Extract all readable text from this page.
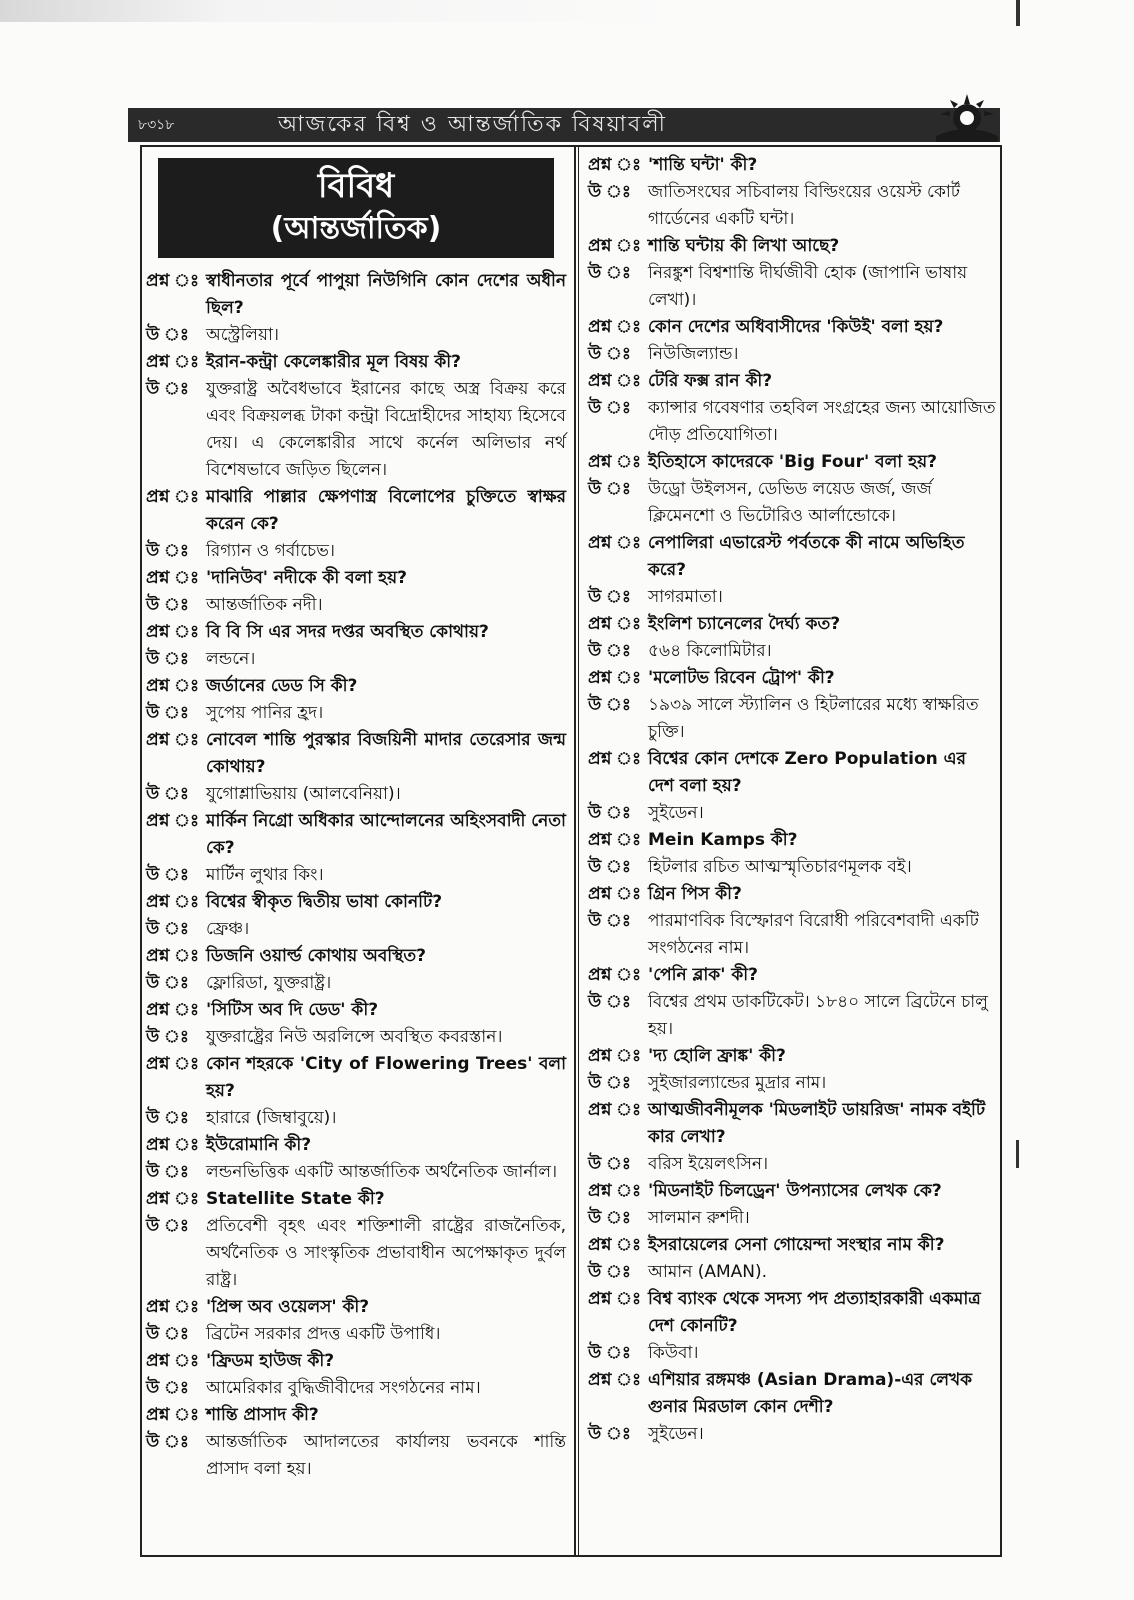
৮৩১৮	আজকের বিশ্ব ও আন্তর্জাতিক বিষয়াবলী
বিবিধ
(আন্তর্জাতিক)
প্রশ্ন ঃ স্বাধীনতার পূর্বে পাপুয়া নিউগিনি কোন দেশের অধীন ছিল?
উ ঃ	অস্ট্রেলিয়া।
প্রশ্ন ঃ ইরান-কন্ট্রা কেলেঙ্কারীর মূল বিষয় কী?
উ ঃ	যুক্তরাষ্ট্র অবৈধভাবে ইরানের কাছে অস্ত্র বিক্রয় করে এবং বিক্রয়লব্ধ টাকা কন্ট্রা বিদ্রোহীদের সাহায্য হিসেবে দেয়। এ কেলেঙ্কারীর সাথে কর্নেল অলিভার নর্থ বিশেষভাবে জড়িত ছিলেন।
প্রশ্ন ঃ মাঝারি পাল্লার ক্ষেপণাস্ত্র বিলোপের চুক্তিতে স্বাক্ষর করেন কে?
উ ঃ	রিগ্যান ও গর্বাচেভ।
প্রশ্ন ঃ 'দানিউব' নদীকে কী বলা হয়?
উ ঃ	আন্তর্জাতিক নদী।
প্রশ্ন ঃ বি বি সি এর সদর দপ্তর অবস্থিত কোথায়?
উ ঃ	লন্ডনে।
প্রশ্ন ঃ জর্ডানের ডেড সি কী?
উ ঃ	সুপেয় পানির হ্রদ।
প্রশ্ন ঃ নোবেল শান্তি পুরস্কার বিজয়িনী মাদার তেরেসার জন্ম কোথায়?
উ ঃ	যুগোশ্লাভিয়ায় (আলবেনিয়া)।
প্রশ্ন ঃ মার্কিন নিগ্রো অধিকার আন্দোলনের অহিংসবাদী নেতা কে?
উ ঃ	মার্টিন লুথার কিং।
প্রশ্ন ঃ বিশ্বের স্বীকৃত দ্বিতীয় ভাষা কোনটি?
উ ঃ	ফ্রেঞ্চ।
প্রশ্ন ঃ ডিজনি ওয়ার্ল্ড কোথায় অবস্থিত?
উ ঃ	ফ্লোরিডা, যুক্তরাষ্ট্র।
প্রশ্ন ঃ 'সিটিস অব দি ডেড' কী?
উ ঃ	যুক্তরাষ্ট্রের নিউ অরলিন্সে অবস্থিত কবরস্তান।
প্রশ্ন ঃ কোন শহরকে 'City of Flowering Trees' বলা হয়?
উ ঃ	হারারে (জিম্বাবুয়ে)।
প্রশ্ন ঃ ইউরোমানি কী?
উ ঃ	লন্ডনভিত্তিক একটি আন্তর্জাতিক অর্থনৈতিক জার্নাল।
প্রশ্ন ঃ Statellite State কী?
উ ঃ	প্রতিবেশী বৃহৎ এবং শক্তিশালী রাষ্ট্রের রাজনৈতিক, অর্থনৈতিক ও সাংস্কৃতিক প্রভাবাধীন অপেক্ষাকৃত দুর্বল রাষ্ট্র।
প্রশ্ন ঃ 'প্রিন্স অব ওয়েলস' কী?
উ ঃ	ব্রিটেন সরকার প্রদত্ত একটি উপাধি।
প্রশ্ন ঃ 'ফ্রিডম হাউজ কী?
উ ঃ	আমেরিকার বুদ্ধিজীবীদের সংগঠনের নাম।
প্রশ্ন ঃ শান্তি প্রাসাদ কী?
উ ঃ	আন্তর্জাতিক আদালতের কার্যালয় ভবনকে শান্তি প্রাসাদ বলা হয়।
প্রশ্ন ঃ 'শান্তি ঘন্টা' কী?
উ ঃ	জাতিসংঘের সচিবালয় বিল্ডিংয়ের ওয়েস্ট কোর্ট গার্ডেনের একটি ঘন্টা।
প্রশ্ন ঃ শান্তি ঘন্টায় কী লিখা আছে?
উ ঃ	নিরঙ্কুশ বিশ্বশান্তি দীর্ঘজীবী হোক (জাপানি ভাষায় লেখা)।
প্রশ্ন ঃ কোন দেশের অধিবাসীদের 'কিউই' বলা হয়?
উ ঃ	নিউজিল্যান্ড।
প্রশ্ন ঃ টেরি ফক্স রান কী?
উ ঃ	ক্যান্সার গবেষণার তহবিল সংগ্রহের জন্য আয়োজিত দৌড় প্রতিযোগিতা।
প্রশ্ন ঃ ইতিহাসে কাদেরকে 'Big Four' বলা হয়?
উ ঃ	উড্রো উইলসন, ডেভিড লয়েড জর্জ, জর্জ ক্লিমেনশো ও ভিটোরিও আর্লান্ডোকে।
প্রশ্ন ঃ নেপালিরা এভারেস্ট পর্বতকে কী নামে অভিহিত করে?
উ ঃ	সাগরমাতা।
প্রশ্ন ঃ ইংলিশ চ্যানেলের দৈর্ঘ্য কত?
উ ঃ	৫৬৪ কিলোমিটার।
প্রশ্ন ঃ 'মলোটভ রিবেন ট্রোপ' কী?
উ ঃ	১৯৩৯ সালে স্ট্যালিন ও হিটলারের মধ্যে স্বাক্ষরিত চুক্তি।
প্রশ্ন ঃ বিশ্বের কোন দেশকে Zero Population এর দেশ বলা হয়?
উ ঃ	সুইডেন।
প্রশ্ন ঃ Mein Kamps কী?
উ ঃ	হিটলার রচিত আত্মস্মৃতিচারণমূলক বই।
প্রশ্ন ঃ গ্রিন পিস কী?
উ ঃ	পারমাণবিক বিস্ফোরণ বিরোধী পরিবেশবাদী একটি সংগঠনের নাম।
প্রশ্ন ঃ 'পেনি ব্লাক' কী?
উ ঃ	বিশ্বের প্রথম ডাকটিকেট। ১৮৪০ সালে ব্রিটেনে চালু হয়।
প্রশ্ন ঃ 'দ্য হোলি ফ্রাঙ্ক' কী?
উ ঃ	সুইজারল্যান্ডের মুদ্রার নাম।
প্রশ্ন ঃ আত্মজীবনীমূলক 'মিডলাইট ডায়রিজ' নামক বইটি কার লেখা?
উ ঃ	বরিস ইয়েলৎসিন।
প্রশ্ন ঃ 'মিডনাইট চিলড্রেন' উপন্যাসের লেখক কে?
উ ঃ	সালমান রুশদী।
প্রশ্ন ঃ ইসরায়েলের সেনা গোয়েন্দা সংস্থার নাম কী?
উ ঃ	আমান (AMAN).
প্রশ্ন ঃ বিশ্ব ব্যাংক থেকে সদস্য পদ প্রত্যাহারকারী একমাত্র দেশ কোনটি?
উ ঃ	কিউবা।
প্রশ্ন ঃ এশিয়ার রঙ্গমঞ্চ (Asian Drama)-এর লেখক গুনার মিরডাল কোন দেশী?
উ ঃ	সুইডেন।
